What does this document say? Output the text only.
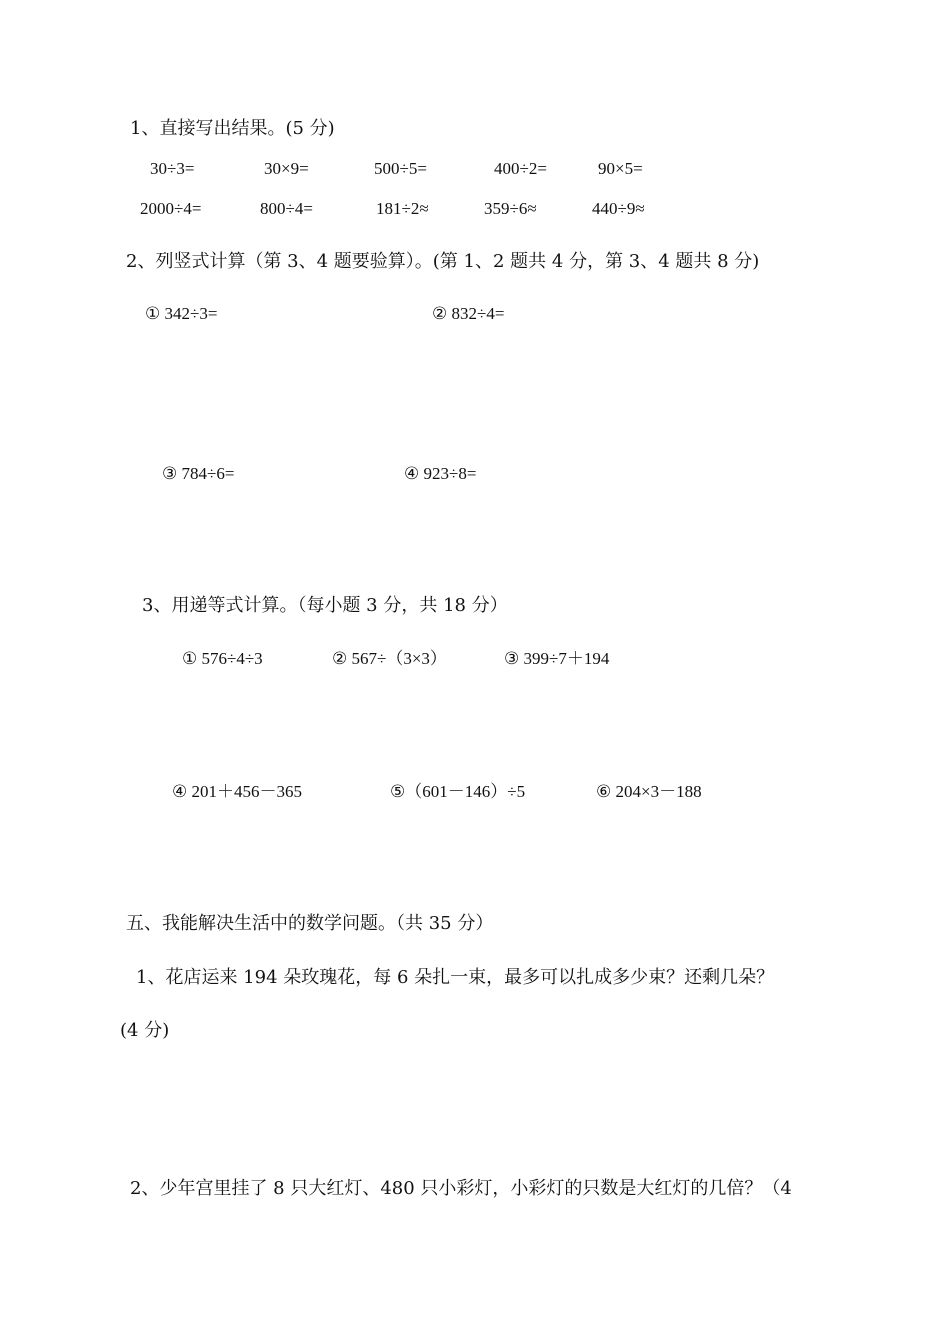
1、直接写出结果。(5 分)
30÷3=	30×9=	500÷5=	400÷2=	90×5=
2000÷4=	800÷4=	181÷2≈	359÷6≈	440÷9≈
2、列竖式计算（第 3、4 题要验算）。(第 1、2 题共 4 分，第 3、4 题共 8 分)
① 342÷3=	② 832÷4=
③ 784÷6=	④ 923÷8=
3、用递等式计算。（每小题 3 分，共 18 分）
① 576÷4÷3	② 567÷（3×3）	③ 399÷7＋194
④ 201＋456－365	⑤（601－146）÷5	⑥ 204×3－188
五、我能解决生活中的数学问题。（共 35 分）
1、花店运来 194 朵玫瑰花，每 6 朵扎一束，最多可以扎成多少束？还剩几朵？
(4 分)
2、少年宫里挂了 8 只大红灯、480 只小彩灯，小彩灯的只数是大红灯的几倍？（4
